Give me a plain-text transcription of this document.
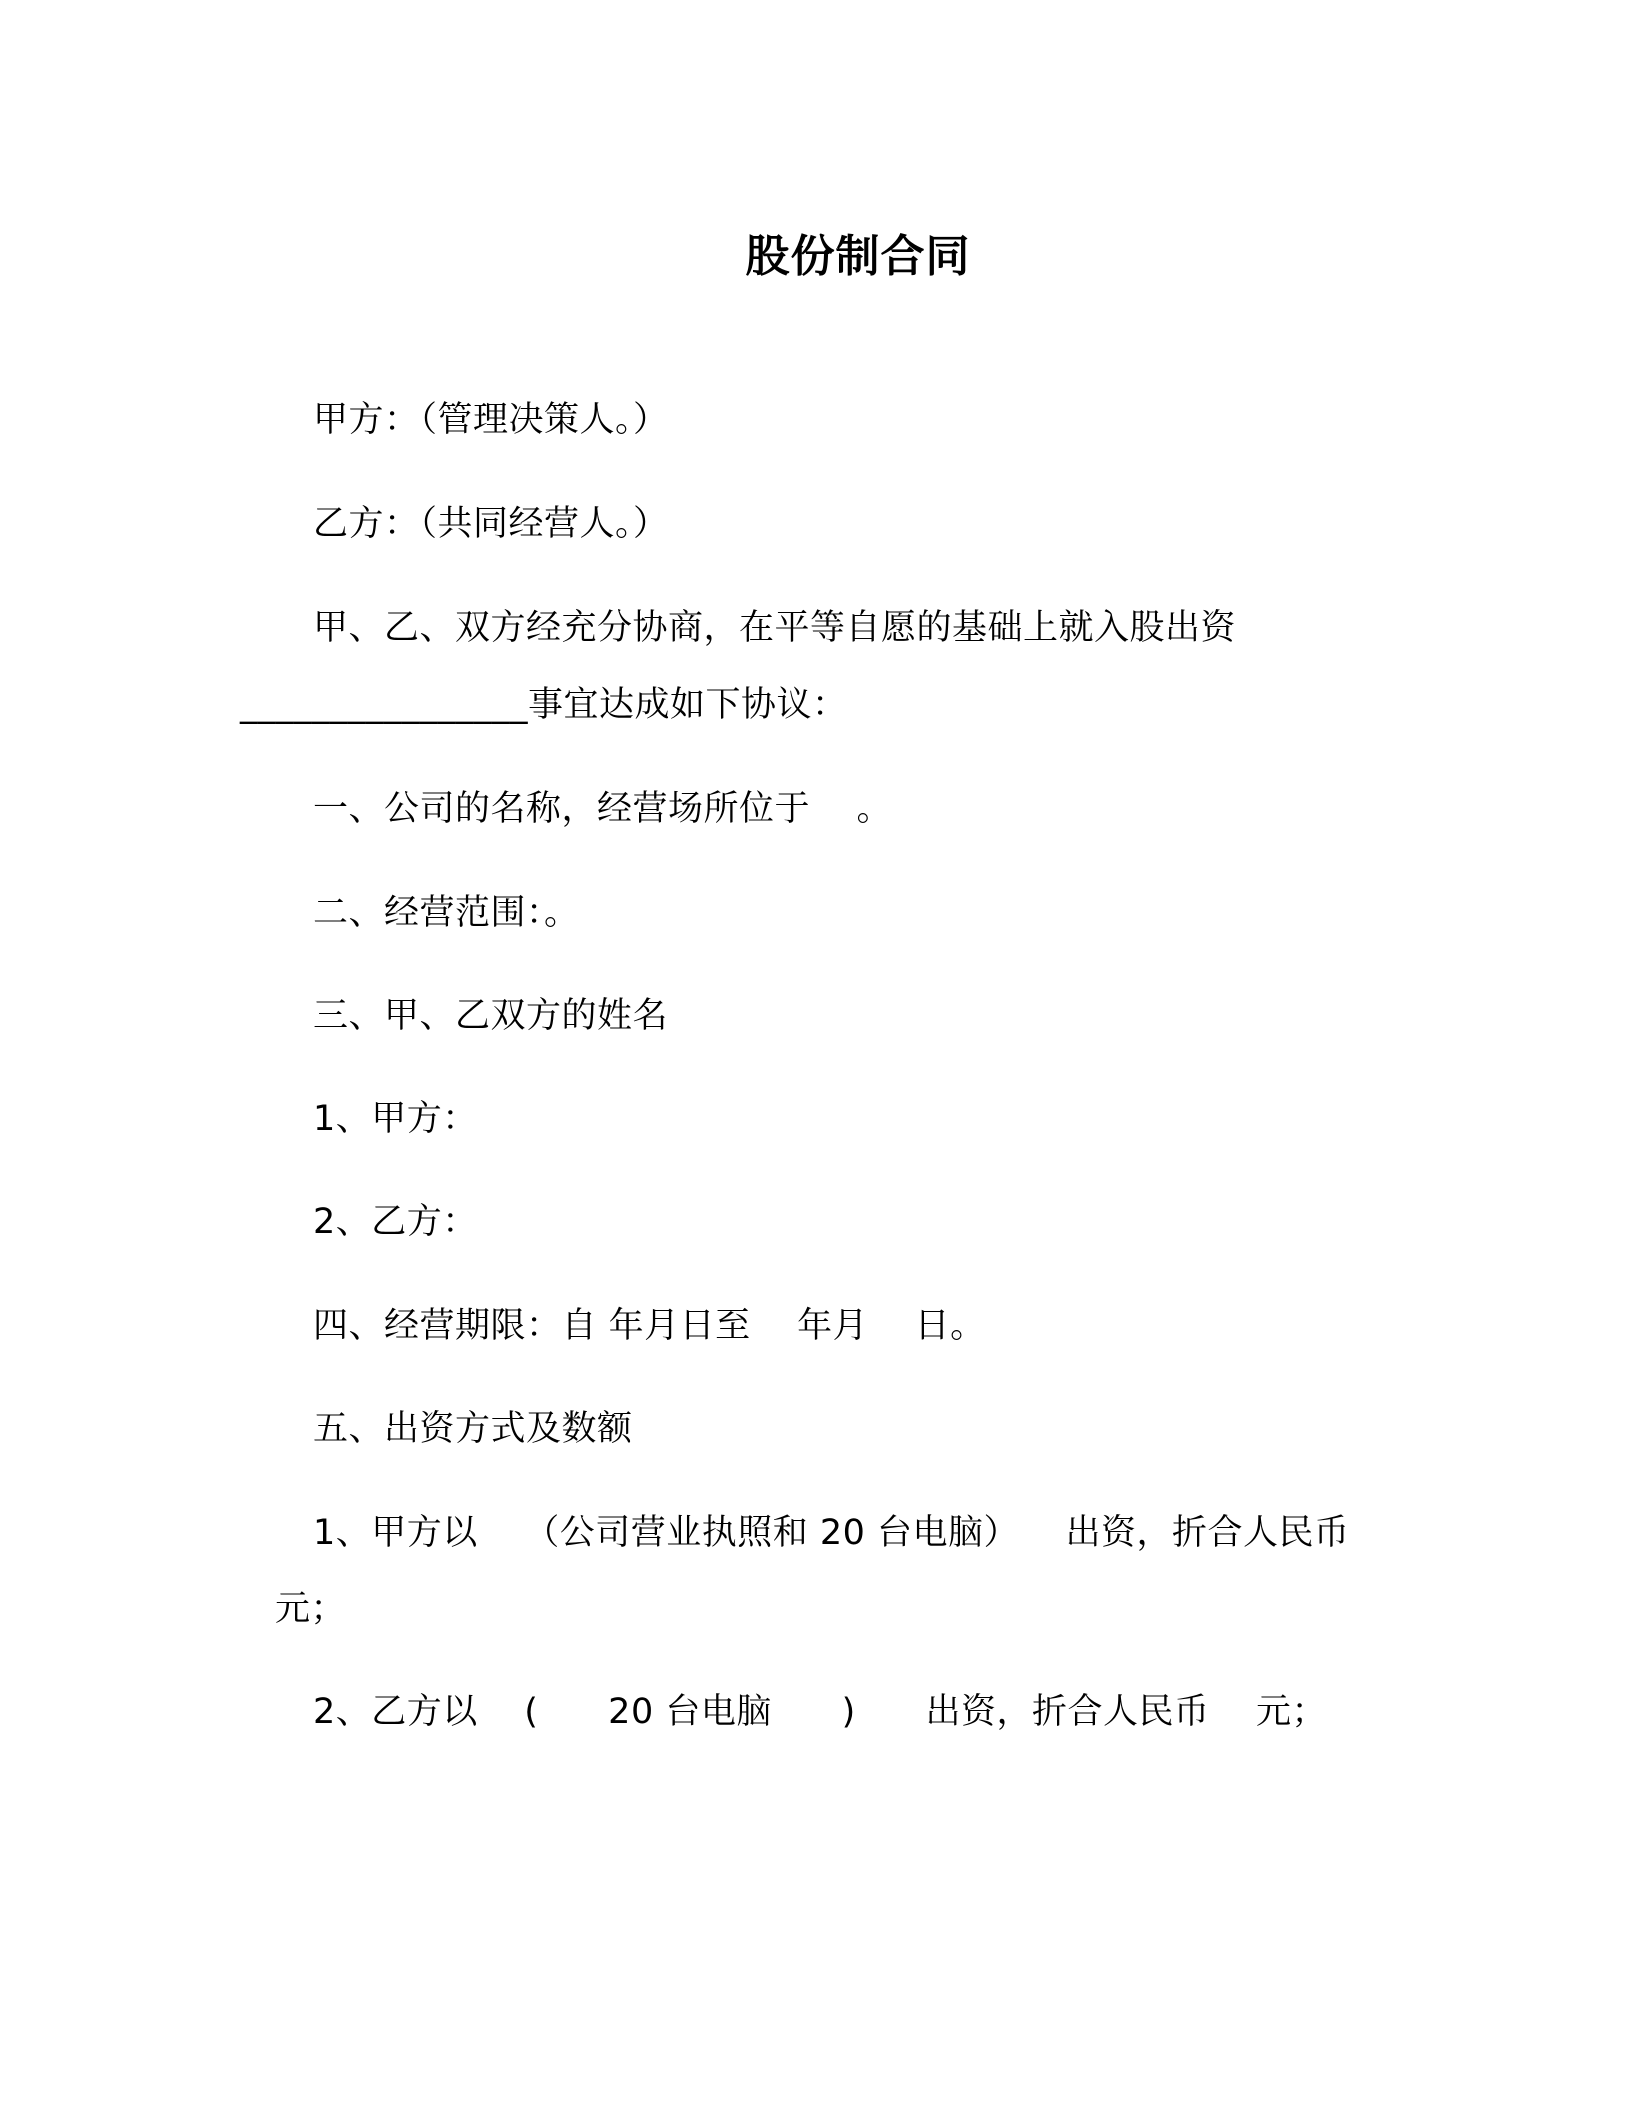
股份制合同
甲方：（管理决策人。）
乙方：（共同经营人。）
甲、乙、双方经充分协商，在平等自愿的基础上就入股出资
________________事宜达成如下协议：
一、公司的名称，经营场所位于    。
二、经营范围：。
三、甲、乙双方的姓名
1、甲方：
2、乙方：
四、经营期限：自 年月日至    年月    日。
五、出资方式及数额
1、甲方以    （公司营业执照和 20 台电脑）    出资，折合人民币
元；
2、乙方以    (      20 台电脑      )      出资，折合人民币    元；
